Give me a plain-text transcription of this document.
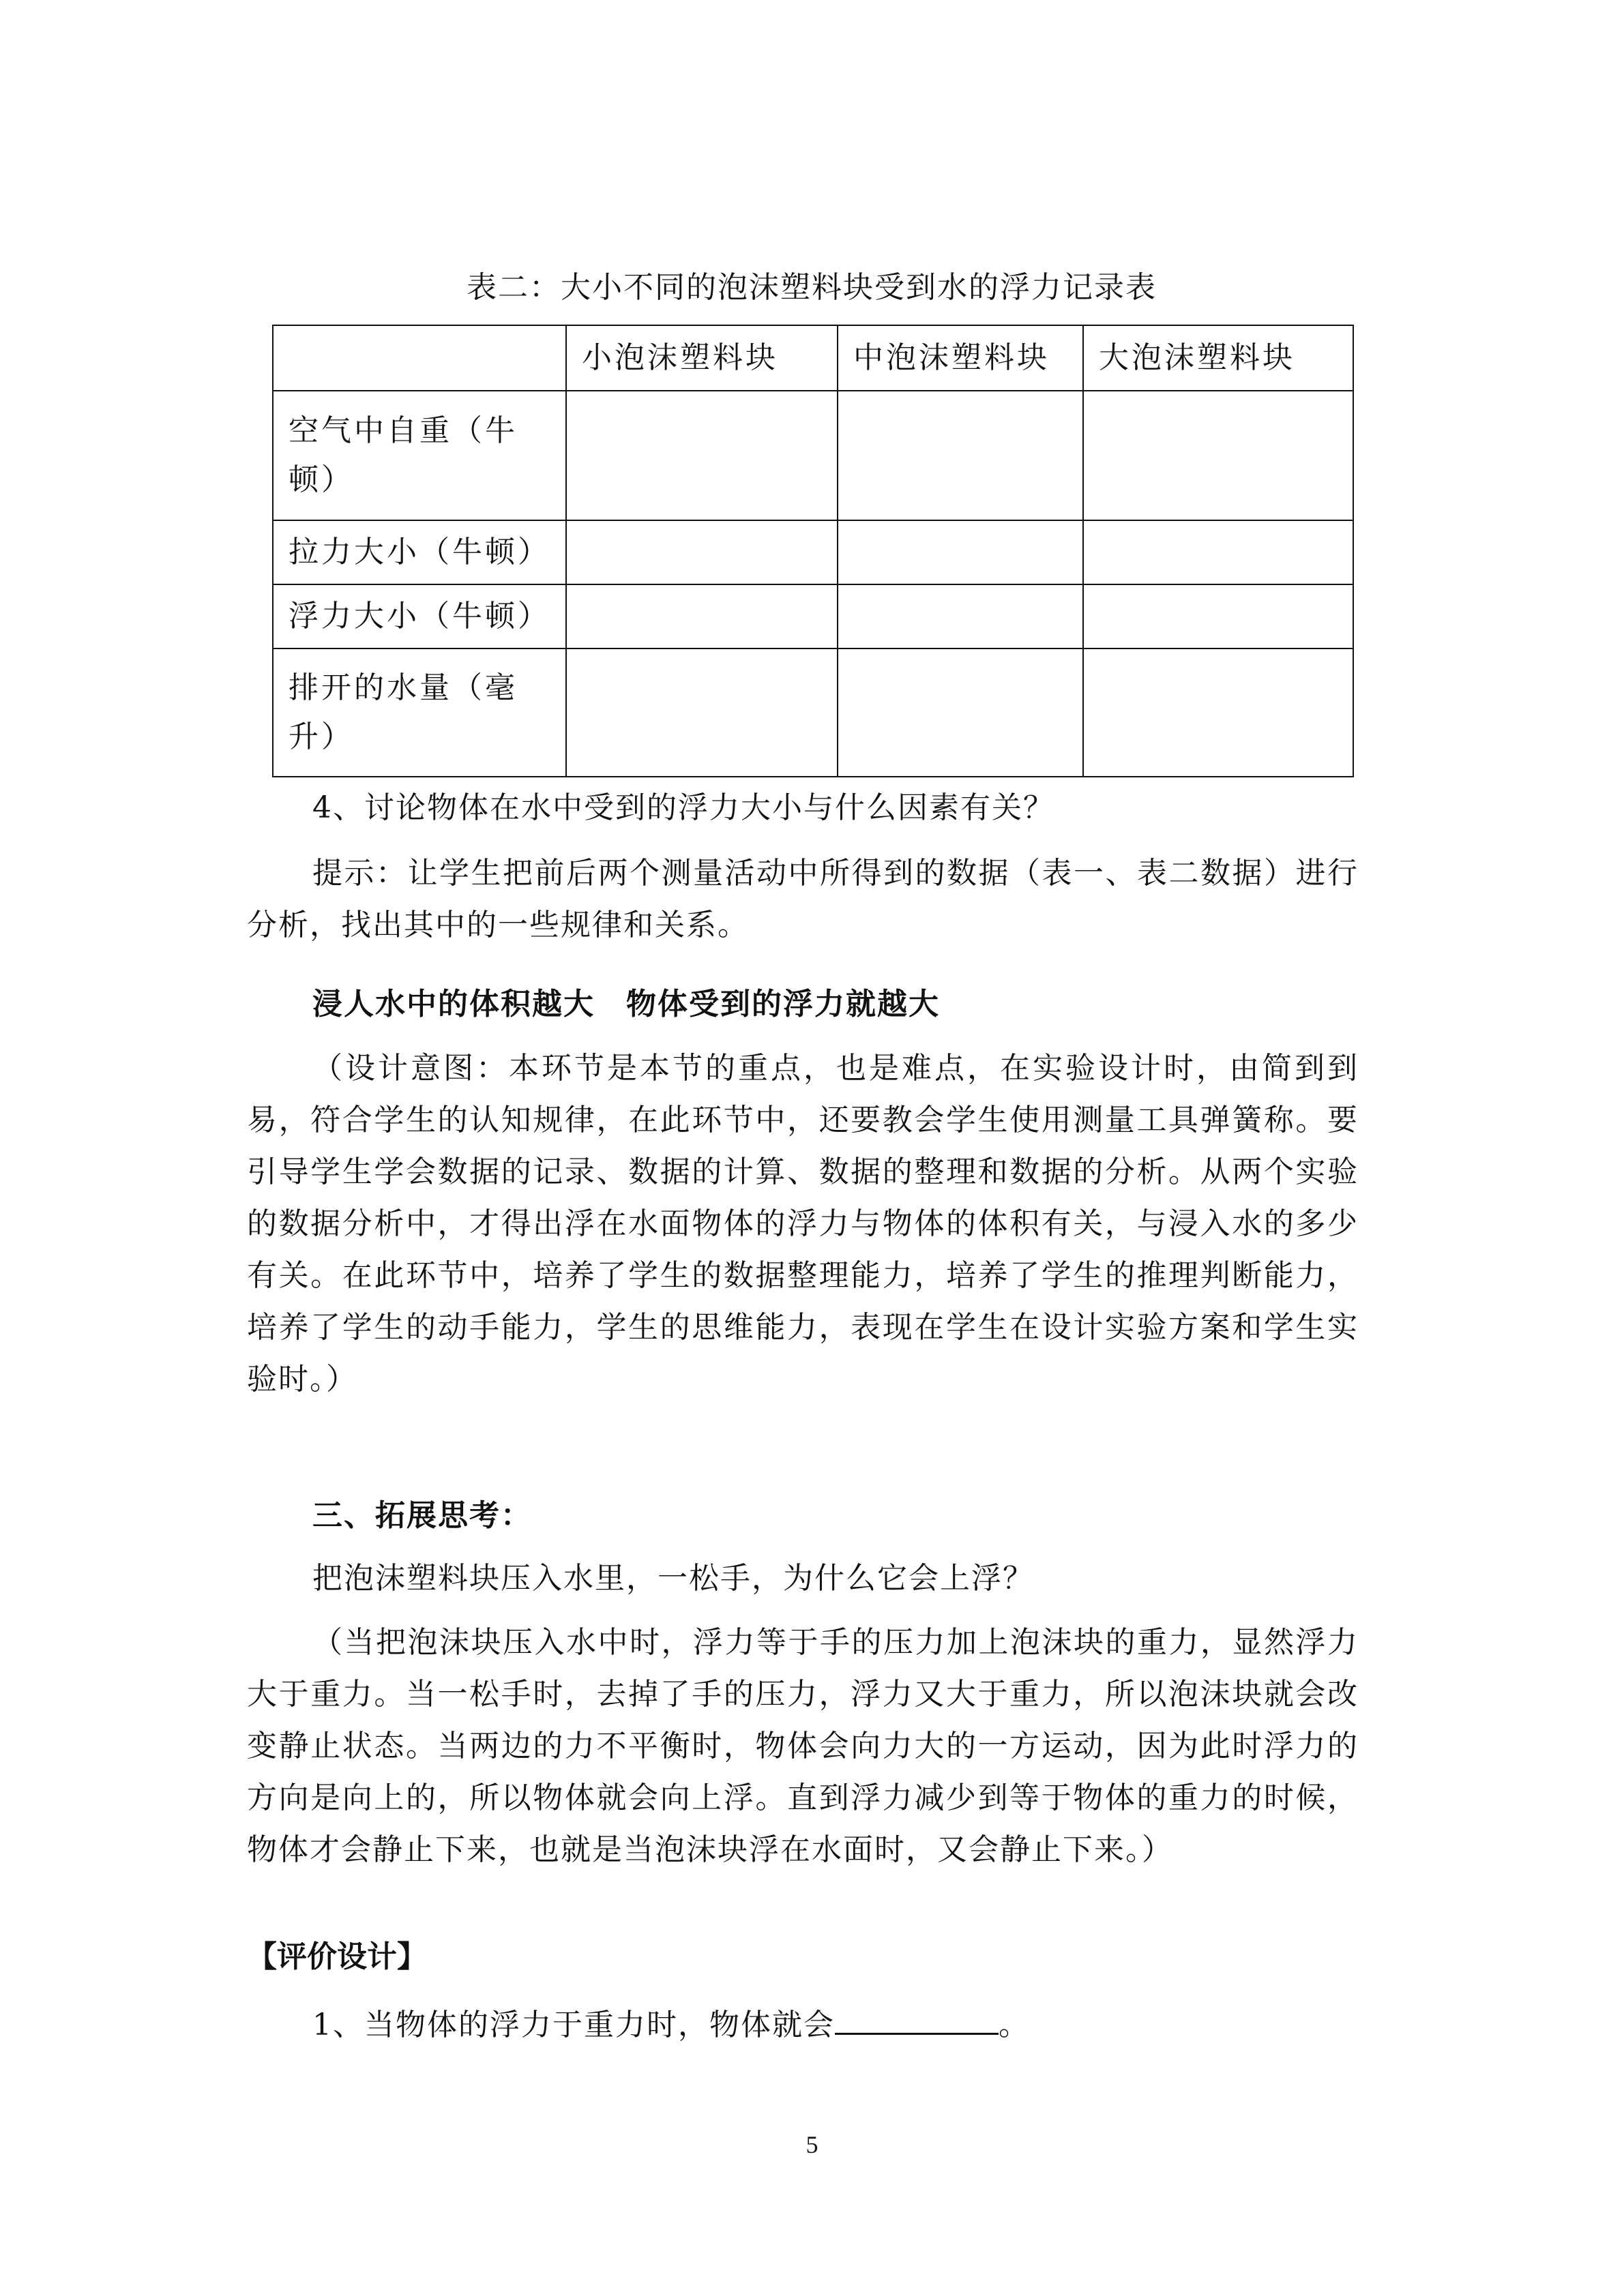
表二：大小不同的泡沫塑料块受到水的浮力记录表
	小泡沫塑料块	中泡沫塑料块	大泡沫塑料块
空气中自重（牛顿）			
拉力大小（牛顿）			
浮力大小（牛顿）			
排开的水量（毫升）			

4、讨论物体在水中受到的浮力大小与什么因素有关？

提示：让学生把前后两个测量活动中所得到的数据（表一、表二数据）进行分析，找出其中的一些规律和关系。

浸人水中的体积越大　物体受到的浮力就越大

（设计意图：本环节是本节的重点，也是难点，在实验设计时，由简到到易，符合学生的认知规律，在此环节中，还要教会学生使用测量工具弹簧称。要引导学生学会数据的记录、数据的计算、数据的整理和数据的分析。从两个实验的数据分析中，才得出浮在水面物体的浮力与物体的体积有关，与浸入水的多少有关。在此环节中，培养了学生的数据整理能力，培养了学生的推理判断能力，培养了学生的动手能力，学生的思维能力，表现在学生在设计实验方案和学生实验时。）

三、拓展思考：

把泡沫塑料块压入水里，一松手，为什么它会上浮？

（当把泡沫块压入水中时，浮力等于手的压力加上泡沫块的重力，显然浮力大于重力。当一松手时，去掉了手的压力，浮力又大于重力，所以泡沫块就会改变静止状态。当两边的力不平衡时，物体会向力大的一方运动，因为此时浮力的方向是向上的，所以物体就会向上浮。直到浮力减少到等于物体的重力的时候，物体才会静止下来，也就是当泡沫块浮在水面时，又会静止下来。）

【评价设计】

1、当物体的浮力于重力时，物体就会	。

5
